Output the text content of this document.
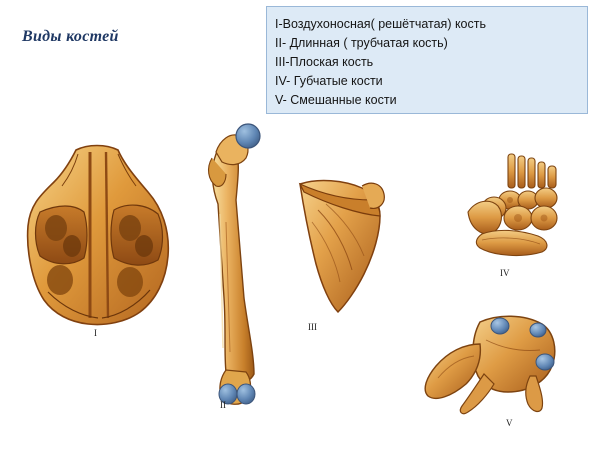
Виды костей
I-Воздухоносная( решётчатая) кость
II- Длинная ( трубчатая кость)
III-Плоская кость
IV- Губчатые кости
V- Смешанные кости
I
II
III
IV
V
